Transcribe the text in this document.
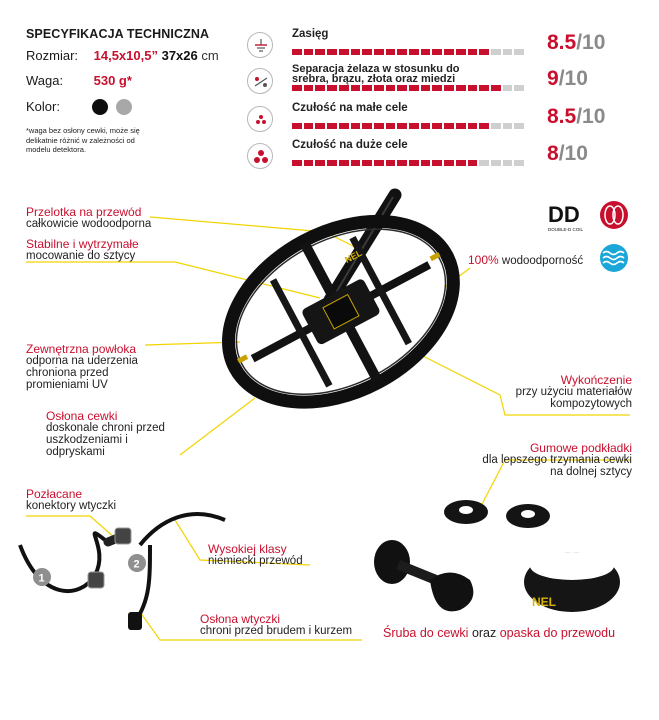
SPECYFIKACJA TECHNICZNA
Rozmiar: 14,5x10,5” 37x26 cm
Waga: 530 g*
Kolor:
*waga bez osłony cewki, może się delikatnie różnić w zależności od modelu detektora.
Zasięg	8.5/10
Separacja żelaza w stosunku do srebra, brązu, złota oraz miedzi	9/10
Czułość na małe cele	8.5/10
Czułość na duże cele	8/10
DD
DOUBLE-D COIL
NEL
1
2
NEL
Przelotka na przewód
całkowicie wodoodporna
Stabilne i wytrzymałe
mocowanie do sztycy	100% wodoodporność
Zewnętrzna powłoka
odporna na uderzenia chroniona przed promieniami UV
Osłona cewki
doskonale chroni przed uszkodzeniami i odpryskami
Wykończenie
przy użyciu materiałów kompozytowych
Gumowe podkładki
dla lepszego trzymania cewki na dolnej sztycy
Pozłacane
konektory wtyczki
Wysokiej klasy
niemiecki przewód
Osłona wtyczki
chroni przed brudem i kurzem	Śruba do cewki oraz opaska do przewodu
